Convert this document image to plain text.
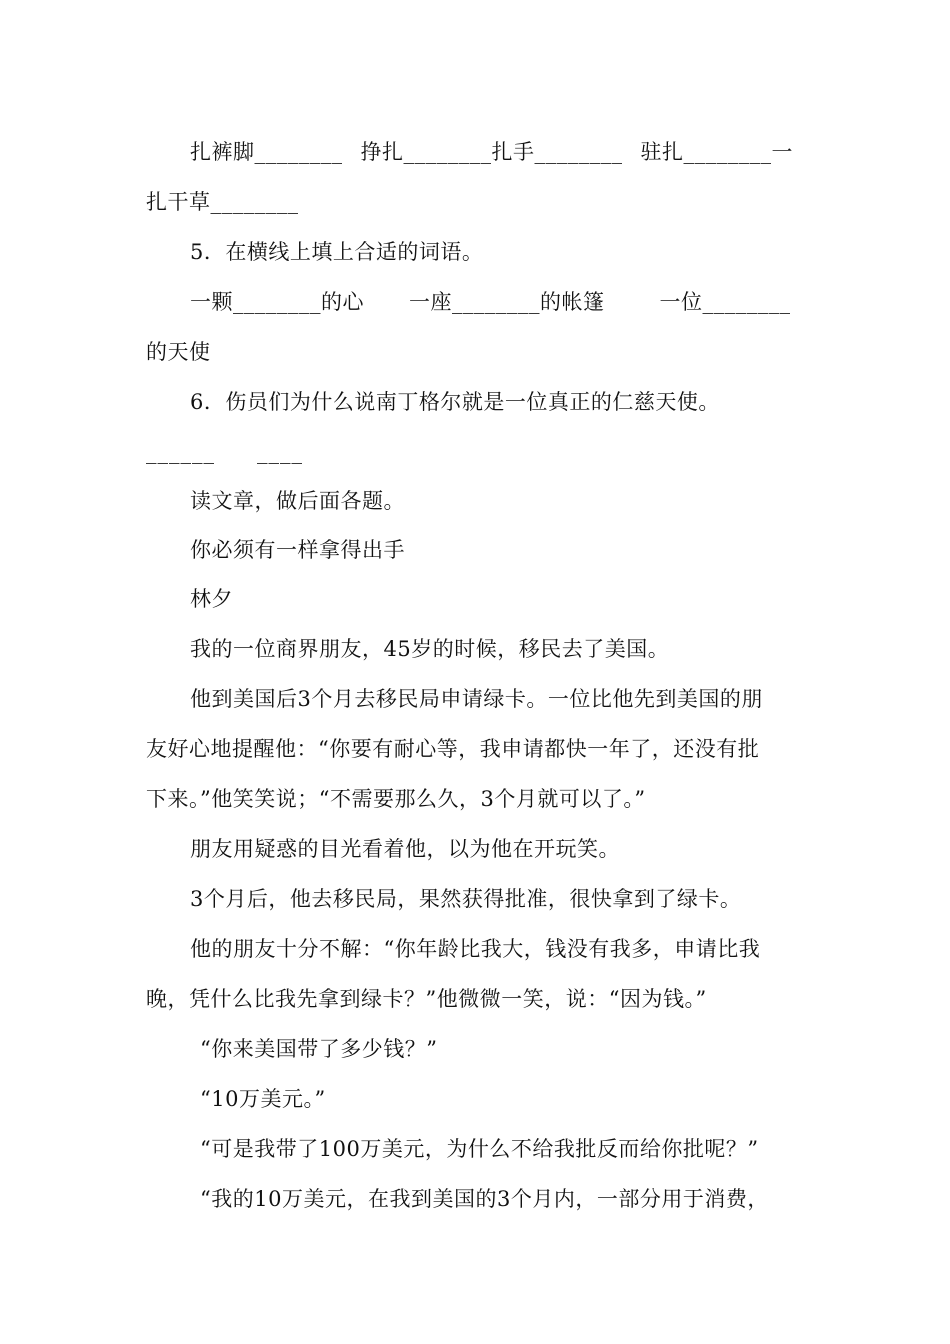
扎裤脚________ 挣扎________扎手________ 驻扎________一
扎干草________
5．在横线上填上合适的词语。
一颗________的心 一座________的帐篷	一位________
的天使
6．伤员们为什么说南丁格尔就是一位真正的仁慈天使。
______ ____
读文章，做后面各题。
你必须有一样拿得出手
林夕
我的一位商界朋友，45岁的时候，移民去了美国。
他到美国后3个月去移民局申请绿卡。一位比他先到美国的朋
友好心地提醒他：“你要有耐心等，我申请都快一年了，还没有批
下来。”他笑笑说；“不需要那么久，3个月就可以了。”
朋友用疑惑的目光看着他，以为他在开玩笑。
3个月后，他去移民局，果然获得批准，很快拿到了绿卡。
他的朋友十分不解：“你年龄比我大，钱没有我多，申请比我
晚，凭什么比我先拿到绿卡？”他微微一笑，说：“因为钱。”
“你来美国带了多少钱？”
“10万美元。”
“可是我带了100万美元，为什么不给我批反而给你批呢？”
“我的10万美元，在我到美国的3个月内，一部分用于消费，
